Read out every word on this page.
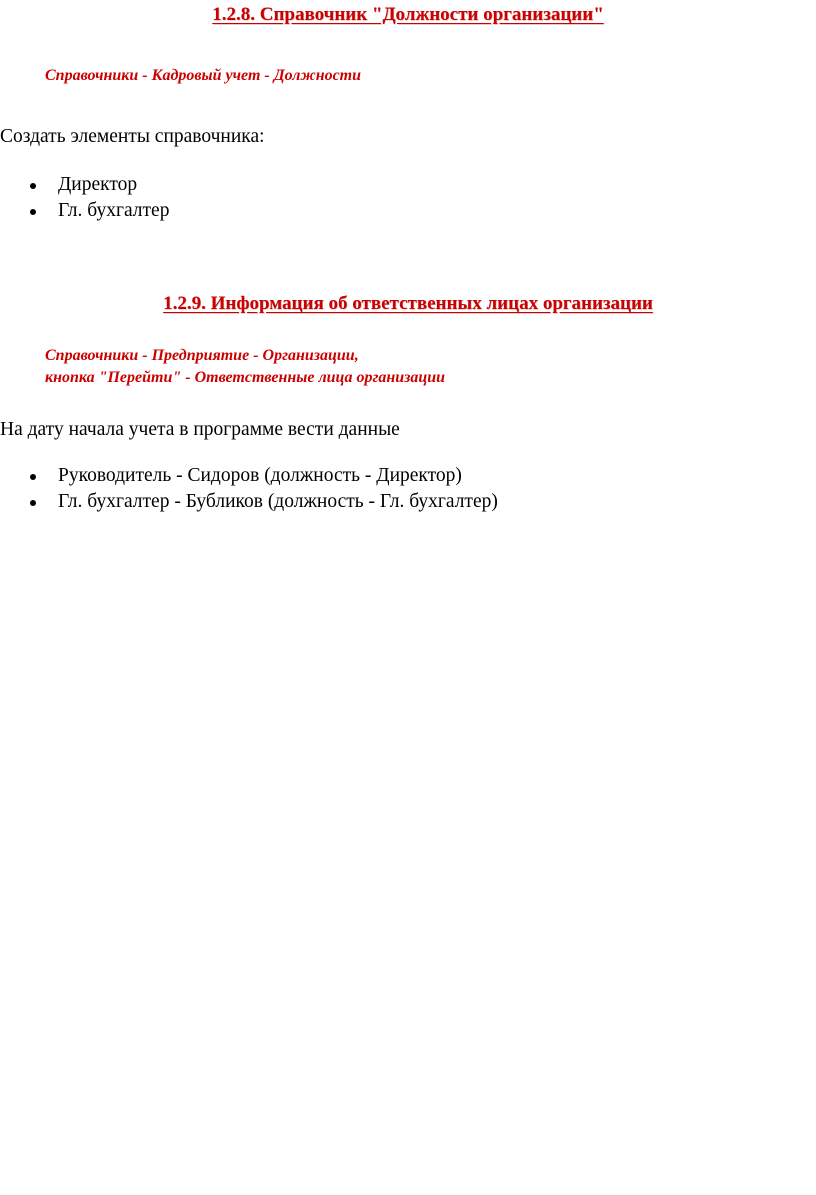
1.2.8. Справочник "Должности организации"
Справочники - Кадровый учет - Должности
Создать элементы справочника:
Директор
Гл. бухгалтер
1.2.9. Информация об ответственных лицах организации
Справочники - Предприятие - Организации,
кнопка "Перейти" - Ответственные лица организации
На дату начала учета в программе вести данные
Руководитель - Сидоров (должность - Директор)
Гл. бухгалтер - Бубликов (должность - Гл. бухгалтер)
